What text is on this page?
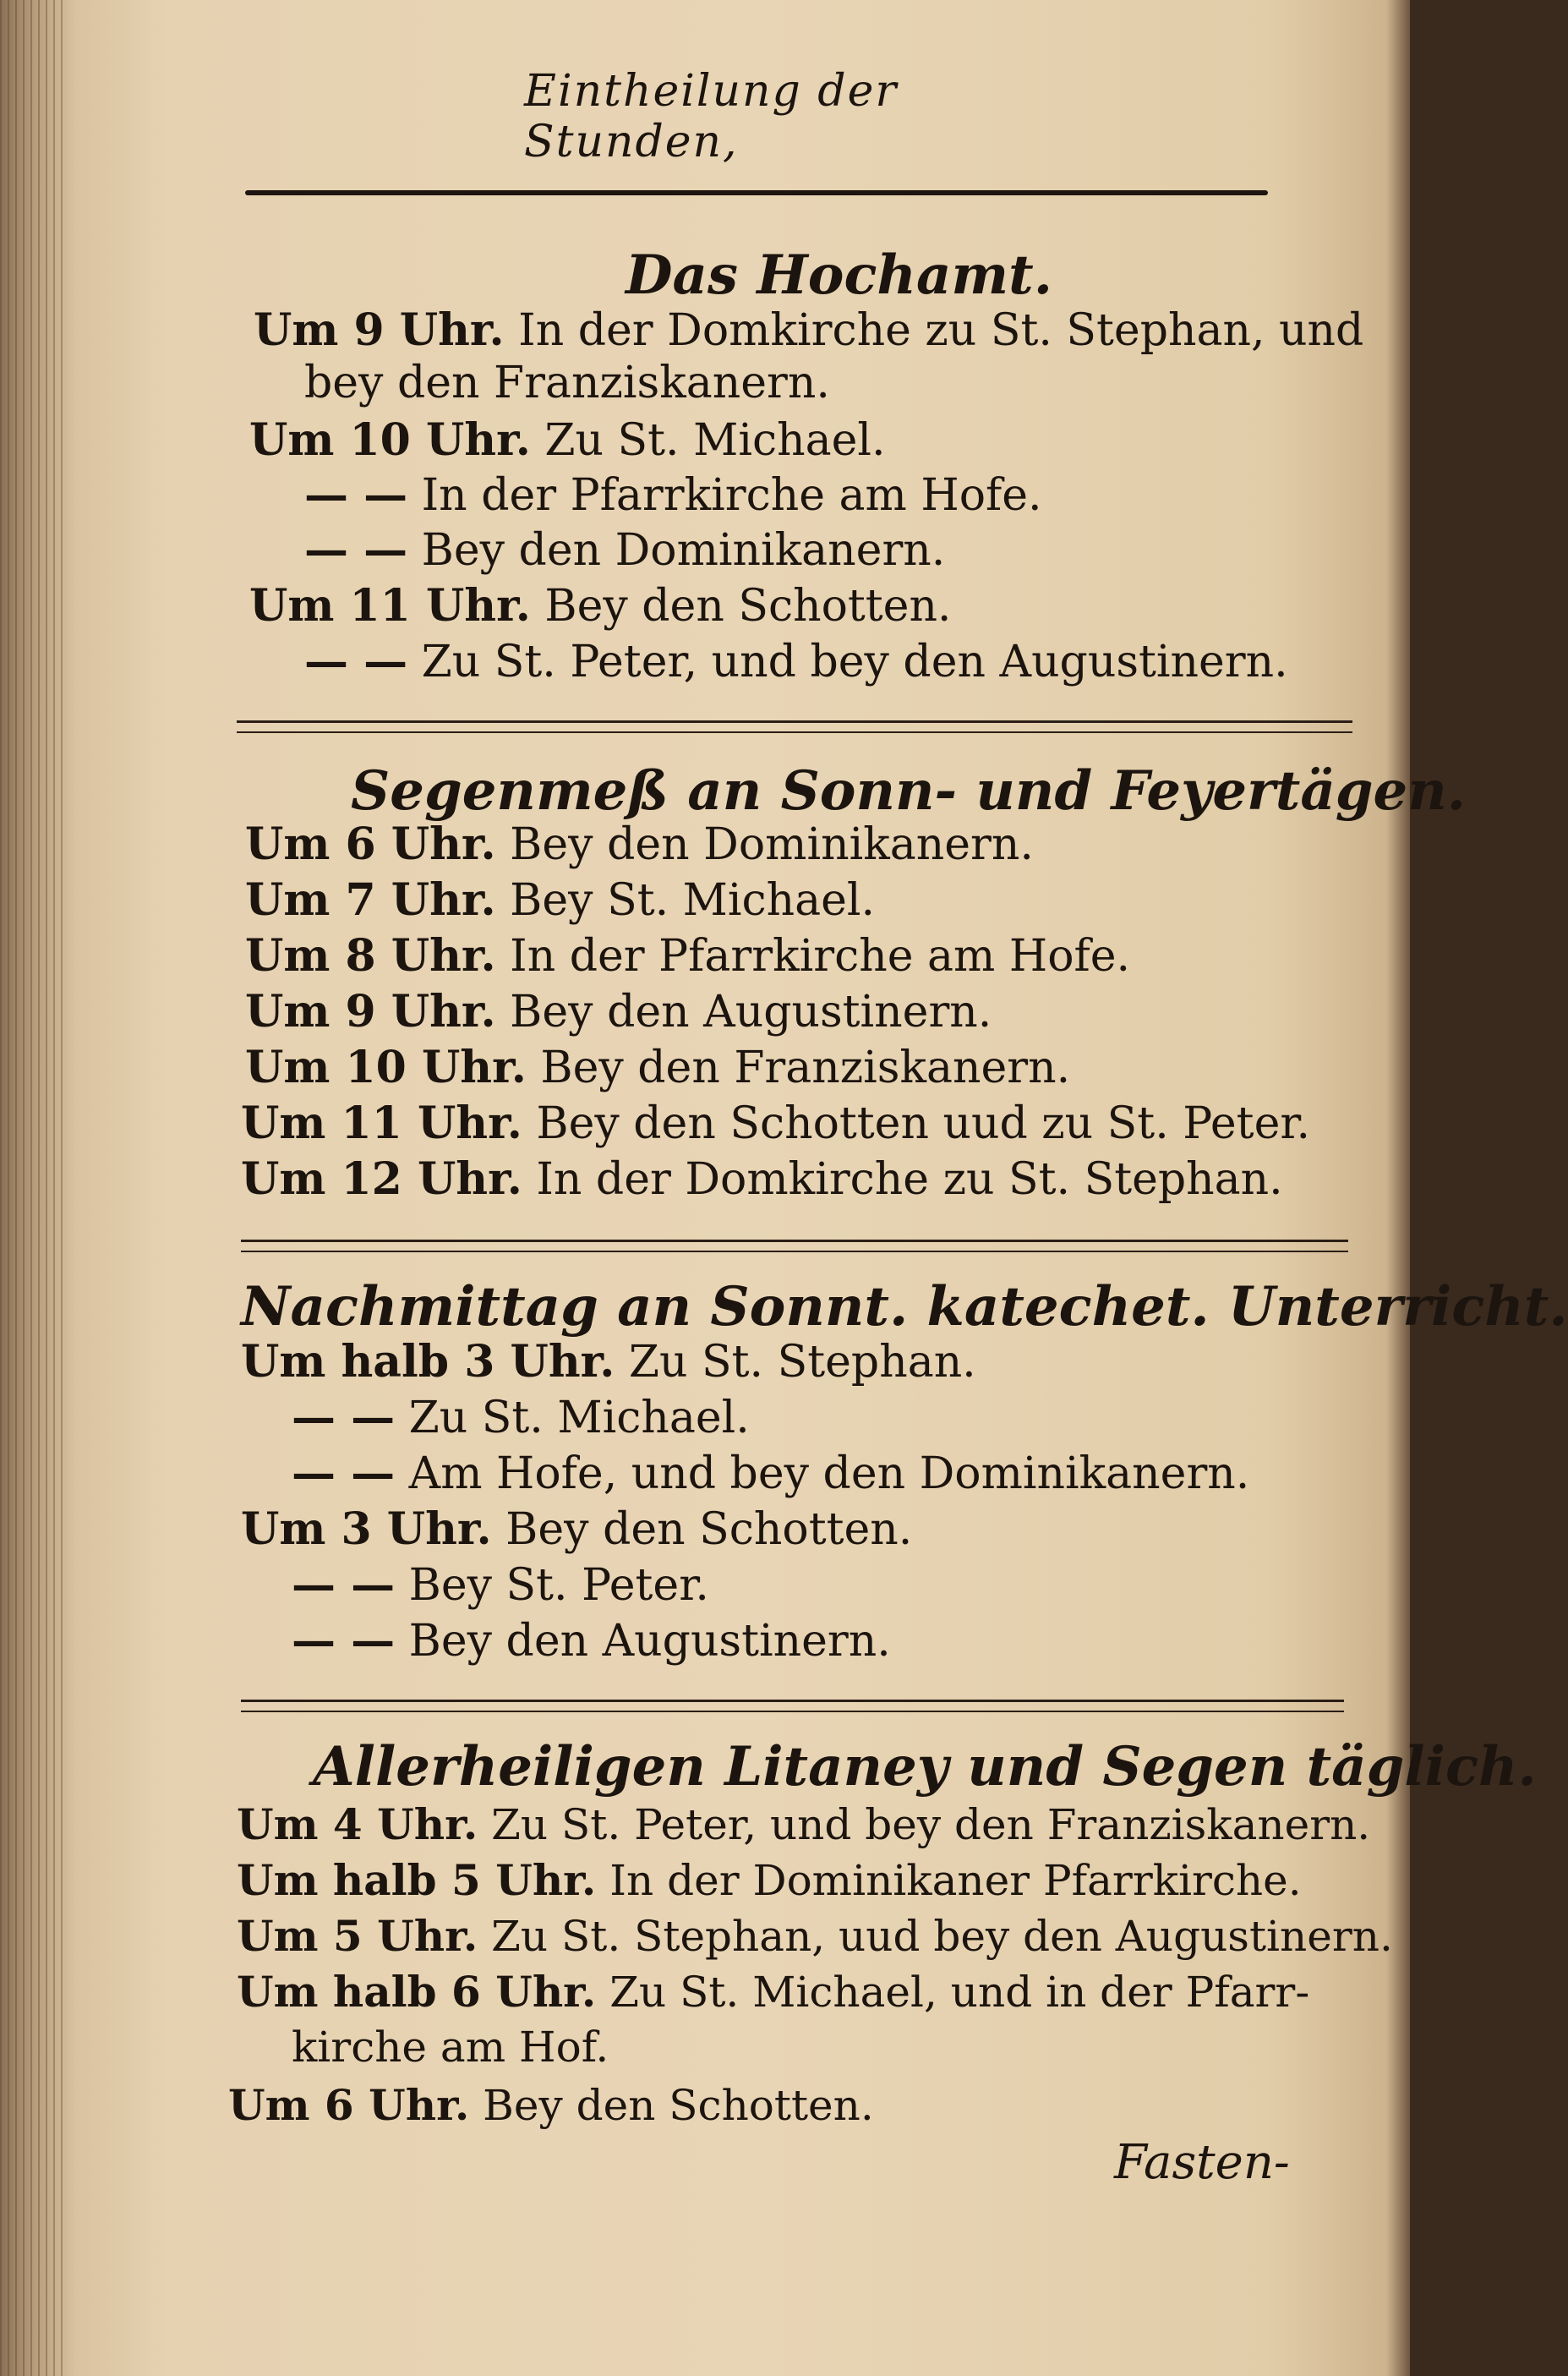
Eintheilung der Stunden,
Das Hochamt.
Um 9 Uhr. In der Domkirche zu St. Stephan, und
bey den Franziskanern.
Um 10 Uhr. Zu St. Michael.
— — In der Pfarrkirche am Hofe.
— — Bey den Dominikanern.
Um 11 Uhr. Bey den Schotten.
— — Zu St. Peter, und bey den Augustinern.
Segenmeß an Sonn- und Feyertägen.
Um 6 Uhr. Bey den Dominikanern.
Um 7 Uhr. Bey St. Michael.
Um 8 Uhr. In der Pfarrkirche am Hofe.
Um 9 Uhr. Bey den Augustinern.
Um 10 Uhr. Bey den Franziskanern.
Um 11 Uhr. Bey den Schotten uud zu St. Peter.
Um 12 Uhr. In der Domkirche zu St. Stephan.
Nachmittag an Sonnt. katechet. Unterricht.
Um halb 3 Uhr. Zu St. Stephan.
— — Zu St. Michael.
— — Am Hofe, und bey den Dominikanern.
Um 3 Uhr. Bey den Schotten.
— — Bey St. Peter.
— — Bey den Augustinern.
Allerheiligen Litaney und Segen täglich.
Um 4 Uhr. Zu St. Peter, und bey den Franziskanern.
Um halb 5 Uhr. In der Dominikaner Pfarrkirche.
Um 5 Uhr. Zu St. Stephan, uud bey den Augustinern.
Um halb 6 Uhr. Zu St. Michael, und in der Pfarr-
kirche am Hof.
Um 6 Uhr. Bey den Schotten.
Fasten-
